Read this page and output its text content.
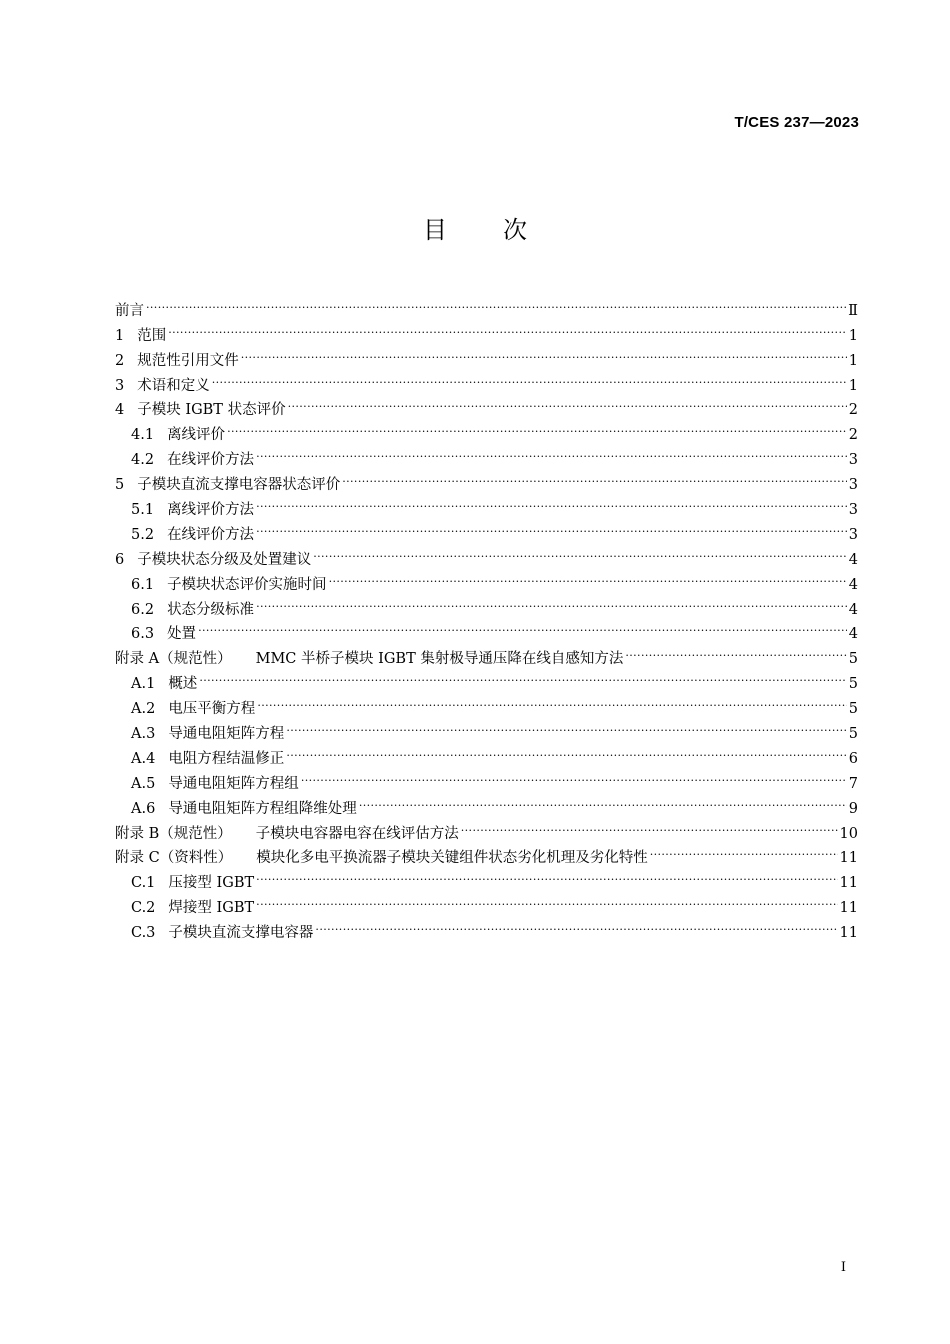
T/CES 237—2023
目次
前言 .....	Ⅱ
1 范围 .....	1
2 规范性引用文件 .....	1
3 术语和定义 .....	1
4 子模块 IGBT 状态评价 .....	2
4.1 离线评价 .....	2
4.2 在线评价方法 .....	3
5 子模块直流支撑电容器状态评价 .....	3
5.1 离线评价方法 .....	3
5.2 在线评价方法 .....	3
6 子模块状态分级及处置建议 .....	4
6.1 子模块状态评价实施时间 .....	4
6.2 状态分级标准 .....	4
6.3 处置 .....	4
附录 A（规范性） MMC 半桥子模块 IGBT 集射极导通压降在线自感知方法 .....	5
A.1 概述 .....	5
A.2 电压平衡方程 .....	5
A.3 导通电阻矩阵方程 .....	5
A.4 电阻方程结温修正 .....	6
A.5 导通电阻矩阵方程组 .....	7
A.6 导通电阻矩阵方程组降维处理 .....	9
附录 B（规范性） 子模块电容器电容在线评估方法 .....	10
附录 C（资料性） 模块化多电平换流器子模块关键组件状态劣化机理及劣化特性 .....	11
C.1 压接型 IGBT .....	11
C.2 焊接型 IGBT .....	11
C.3 子模块直流支撑电容器 .....	11
I
